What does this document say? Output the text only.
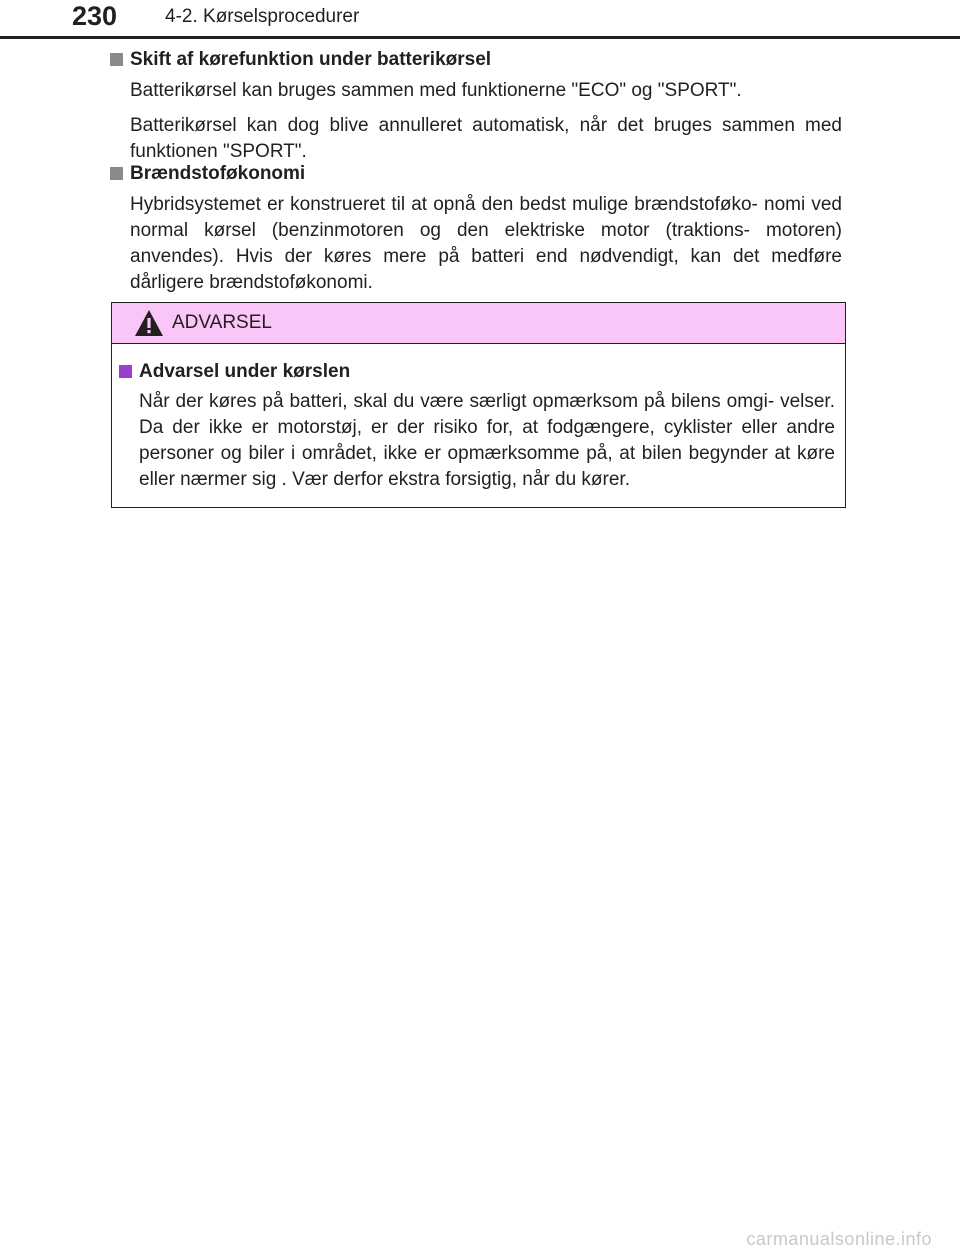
230	4-2. Kørselsprocedurer
Skift af kørefunktion under batterikørsel

Batterikørsel kan bruges sammen med funktionerne "ECO" og "SPORT".

Batterikørsel kan dog blive annulleret automatisk, når det bruges sammen med funktionen "SPORT".

Brændstoføkonomi

Hybridsystemet er konstrueret til at opnå den bedst mulige brændstoføko- nomi ved normal kørsel (benzinmotoren og den elektriske motor (traktions- motoren) anvendes). Hvis der køres mere på batteri end nødvendigt, kan det medføre dårligere brændstoføkonomi.

ADVARSEL
Advarsel under kørslen

Når der køres på batteri, skal du være særligt opmærksom på bilens omgi- velser. Da der ikke er motorstøj, er der risiko for, at fodgængere, cyklister eller andre personer og biler i området, ikke er opmærksomme på, at bilen begynder at køre eller nærmer sig . Vær derfor ekstra forsigtig, når du kører.

carmanualsonline.info
